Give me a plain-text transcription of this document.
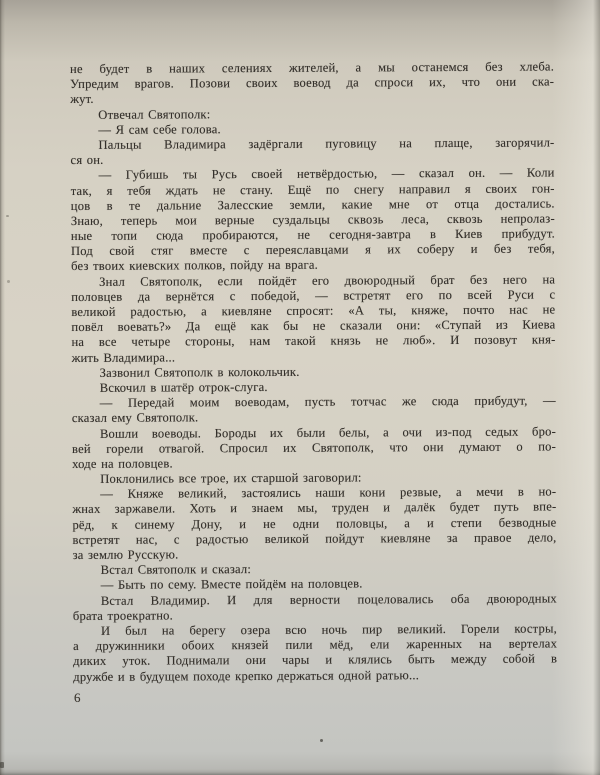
не будет в наших селениях жителей, а мы останемся без хлеба.
Упредим врагов. Позови своих воевод да спроси их, что они ска-
жут.
Отвечал Святополк:
— Я сам себе голова.
Пальцы Владимира задёргали пуговицу на плаще, загорячил-
ся он.
— Губишь ты Русь своей нетвёрдостью, — сказал он. — Коли
так, я тебя ждать не стану. Ещё по снегу направил я своих гон-
цов в те дальние Залесские земли, какие мне от отца достались.
Знаю, теперь мои верные суздальцы сквозь леса, сквозь непролаз-
ные топи сюда пробираются, не сегодня-завтра в Киев прибудут.
Под свой стяг вместе с переяславцами я их соберу и без тебя,
без твоих киевских полков, пойду на врага.
Знал Святополк, если пойдёт его двоюродный брат без него на
половцев да вернётся с победой, — встретят его по всей Руси с
великой радостью, а киевляне спросят: «А ты, княже, почто нас не
повёл воевать?» Да ещё как бы не сказали они: «Ступай из Киева
на все четыре стороны, нам такой князь не люб». И позовут кня-
жить Владимира...
Зазвонил Святополк в колокольчик.
Вскочил в шатёр отрок-слуга.
— Передай моим воеводам, пусть тотчас же сюда прибудут, —
сказал ему Святополк.
Вошли воеводы. Бороды их были белы, а очи из-под седых бро-
вей горели отвагой. Спросил их Святополк, что они думают о по-
ходе на половцев.
Поклонились все трое, их старшой заговорил:
— Княже великий, застоялись наши кони резвые, а мечи в но-
жнах заржавели. Хоть и знаем мы, труден и далёк будет путь впе-
рёд, к синему Дону, и не одни половцы, а и степи безводные
встретят нас, с радостью великой пойдут киевляне за правое дело,
за землю Русскую.
Встал Святополк и сказал:
— Быть по сему. Вместе пойдём на половцев.
Встал Владимир. И для верности поцеловались оба двоюродных
брата троекратно.
И был на берегу озера всю ночь пир великий. Горели костры,
а дружинники обоих князей пили мёд, ели жаренных на вертелах
диких уток. Поднимали они чары и клялись быть между собой в
дружбе и в будущем походе крепко держаться одной ратью...
6
